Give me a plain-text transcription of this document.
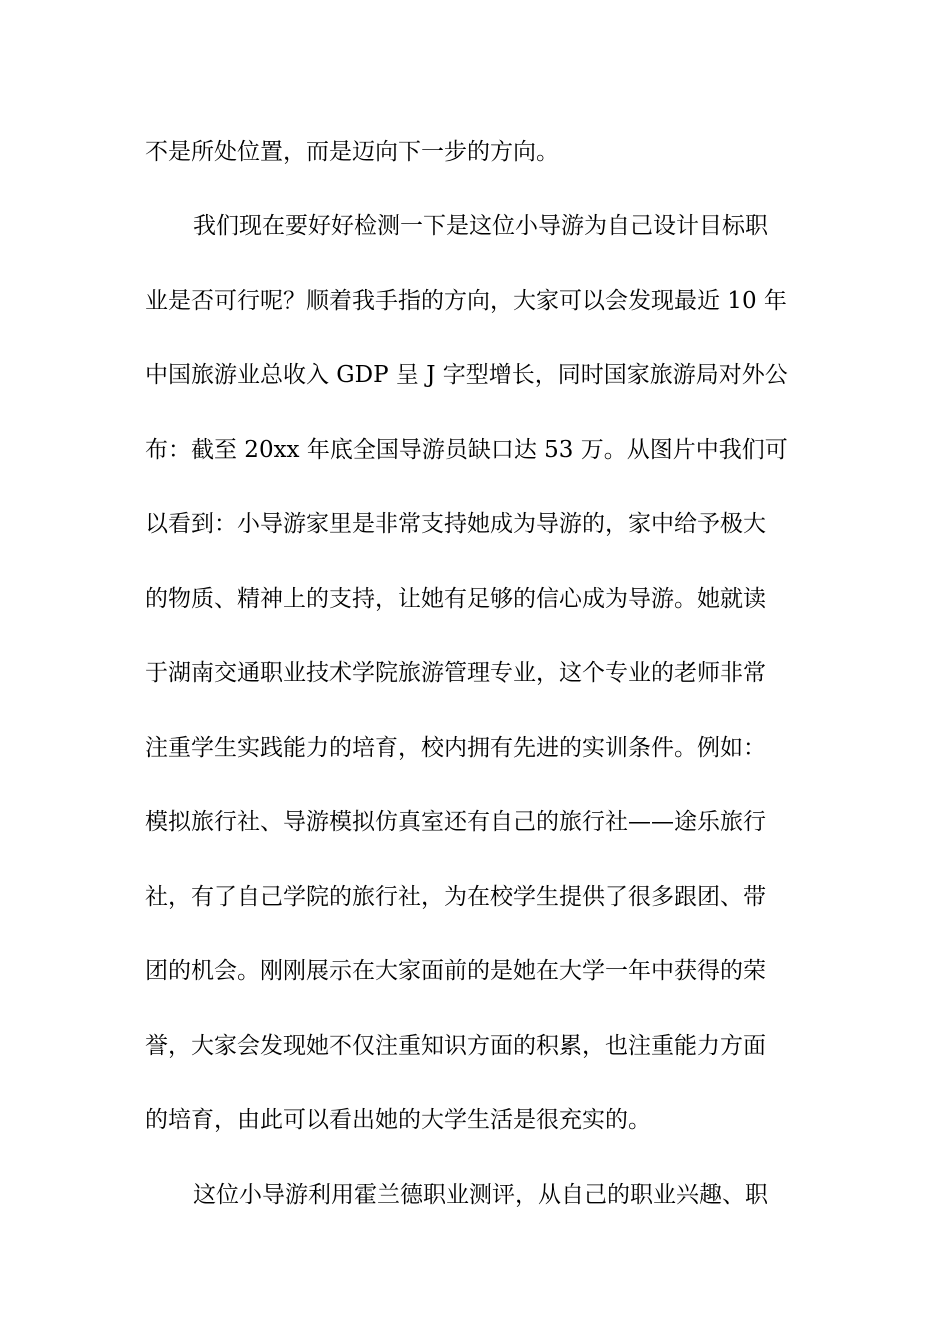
不是所处位置，而是迈向下一步的方向。
我们现在要好好检测一下是这位小导游为自己设计目标职
业是否可行呢？顺着我手指的方向，大家可以会发现最近 10 年
中国旅游业总收入 GDP 呈 J 字型增长，同时国家旅游局对外公
布：截至 20xx 年底全国导游员缺口达 53 万。从图片中我们可
以看到：小导游家里是非常支持她成为导游的，家中给予极大
的物质、精神上的支持，让她有足够的信心成为导游。她就读
于湖南交通职业技术学院旅游管理专业，这个专业的老师非常
注重学生实践能力的培育，校内拥有先进的实训条件。例如：
模拟旅行社、导游模拟仿真室还有自己的旅行社——途乐旅行
社，有了自己学院的旅行社，为在校学生提供了很多跟团、带
团的机会。刚刚展示在大家面前的是她在大学一年中获得的荣
誉，大家会发现她不仅注重知识方面的积累，也注重能力方面
的培育，由此可以看出她的大学生活是很充实的。
这位小导游利用霍兰德职业测评，从自己的职业兴趣、职
